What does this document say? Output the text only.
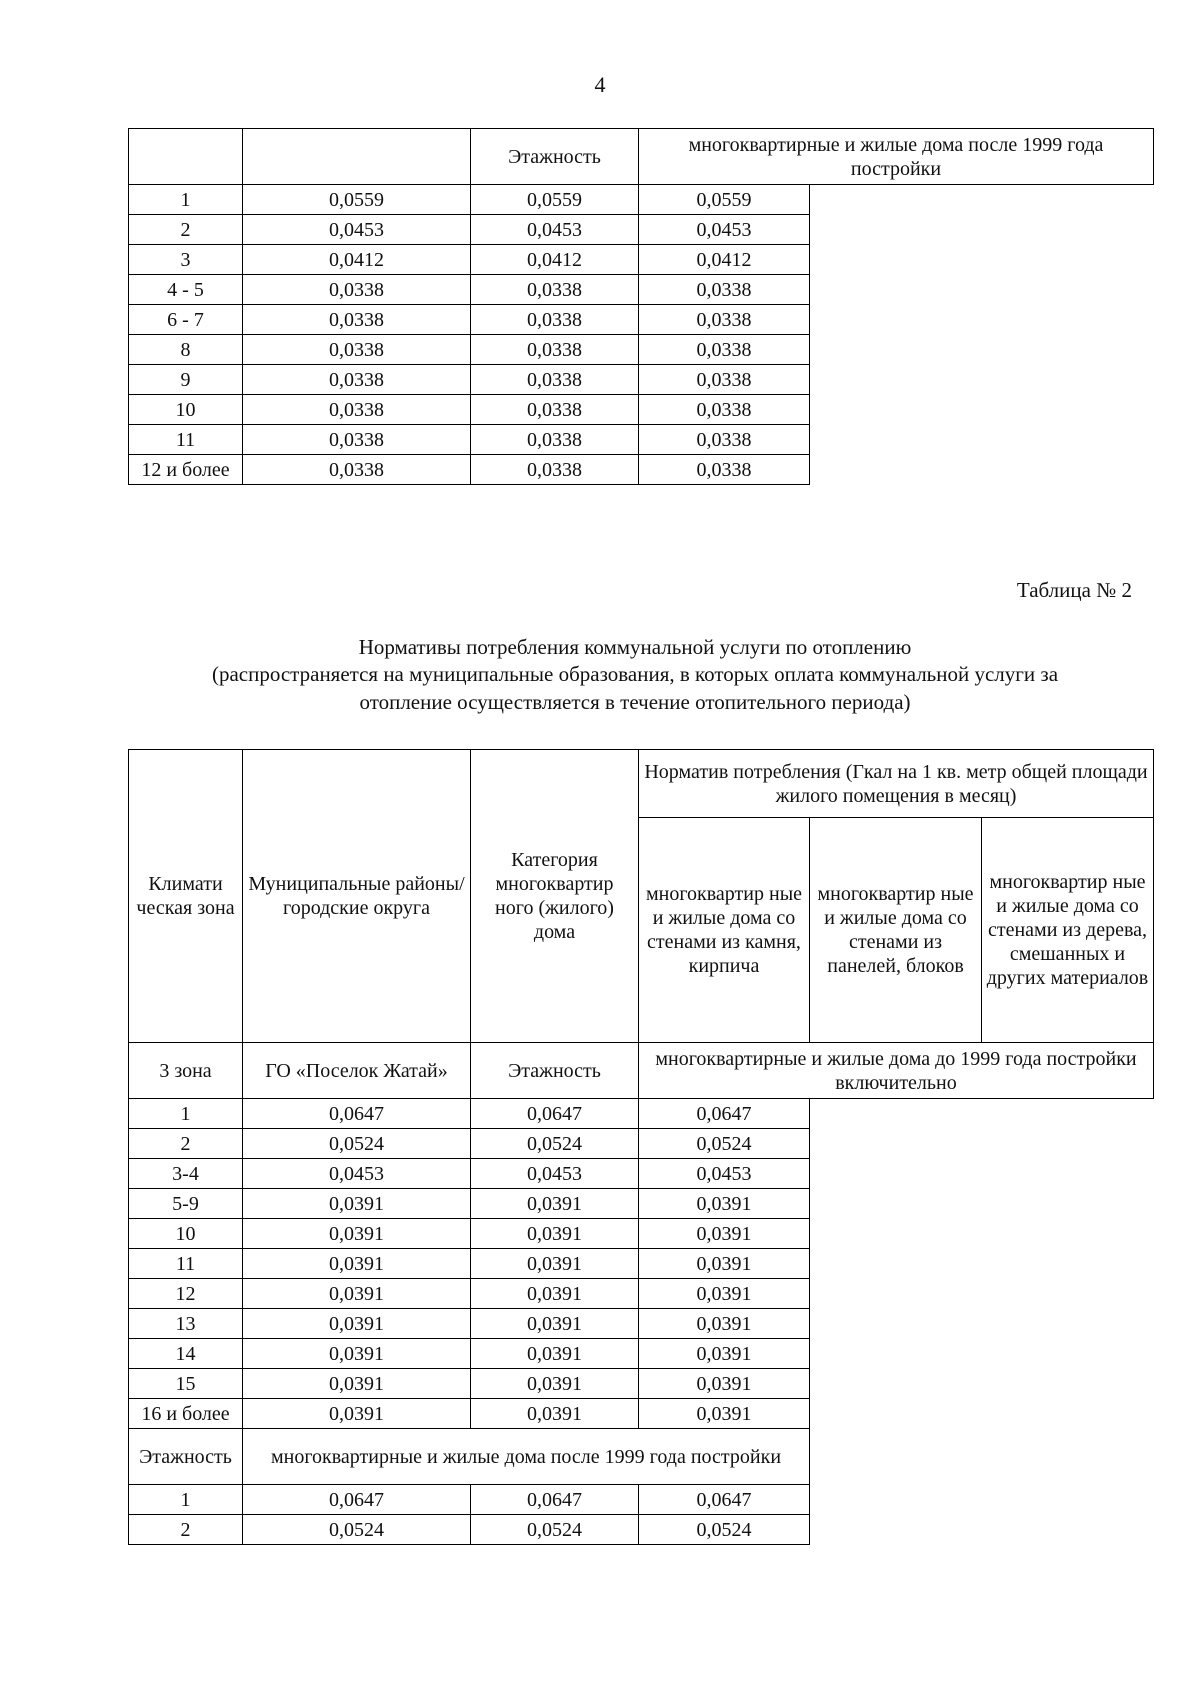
4
		Этажность	многоквартирные и жилые дома после 1999 года постройки
1	0,0559	0,0559	0,0559
2	0,0453	0,0453	0,0453
3	0,0412	0,0412	0,0412
4 - 5	0,0338	0,0338	0,0338
6 - 7	0,0338	0,0338	0,0338
8	0,0338	0,0338	0,0338
9	0,0338	0,0338	0,0338
10	0,0338	0,0338	0,0338
11	0,0338	0,0338	0,0338
12 и более	0,0338	0,0338	0,0338
Таблица № 2
Нормативы потребления коммунальной услуги по отоплению
(распространяется на муниципальные образования, в которых оплата коммунальной услуги за
отопление осуществляется в течение отопительного периода)
Климати ческая зона	Муниципальные районы/городские округа	Категория многоквартир ного (жилого) дома	Норматив потребления (Гкал на 1 кв. метр общей площади жилого помещения в месяц)		
			многоквартир ные и жилые дома со стенами из камня, кирпича	многоквартир ные и жилые дома со стенами из панелей, блоков	многоквартир ные и жилые дома со стенами из дерева, смешанных и других материалов
3 зона	ГО «Поселок Жатай»	Этажность	многоквартирные и жилые дома до 1999 года постройки включительно		
1	0,0647	0,0647	0,0647		
2	0,0524	0,0524	0,0524		
3-4	0,0453	0,0453	0,0453		
5-9	0,0391	0,0391	0,0391		
10	0,0391	0,0391	0,0391		
11	0,0391	0,0391	0,0391		
12	0,0391	0,0391	0,0391		
13	0,0391	0,0391	0,0391		
14	0,0391	0,0391	0,0391		
15	0,0391	0,0391	0,0391		
16 и более	0,0391	0,0391	0,0391		
Этажность	многоквартирные и жилые дома после 1999 года постройки				
1	0,0647	0,0647	0,0647		
2	0,0524	0,0524	0,0524		
